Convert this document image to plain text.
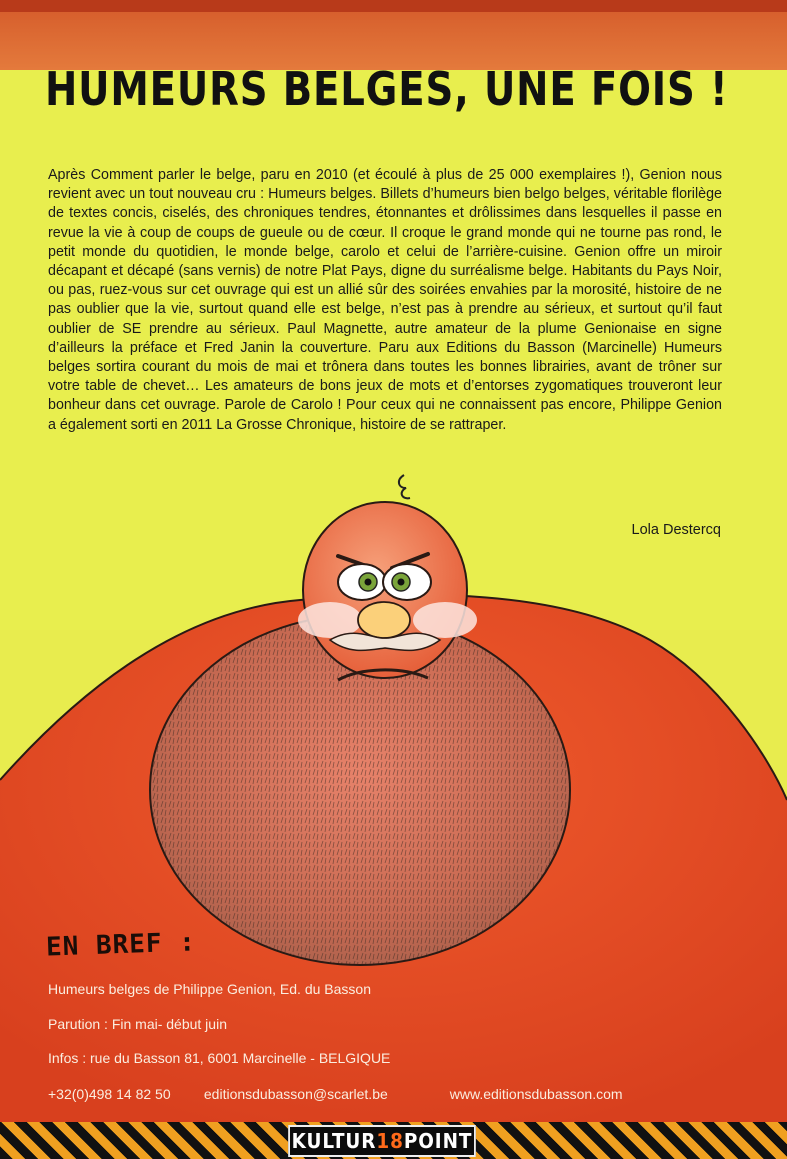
HUMEURS BELGES, UNE FOIS !
Après Comment parler le belge, paru en 2010 (et écoulé à plus de 25 000 exemplaires !), Genion nous revient avec un tout nouveau cru : Humeurs belges. Billets d’humeurs bien belgo belges, véritable florilège de textes concis, ciselés, des chroniques tendres, étonnantes et drôlissimes dans lesquelles il passe en revue la vie à coup de coups de gueule ou de cœur. Il croque le grand monde qui ne tourne pas rond, le petit monde du quotidien, le monde belge, carolo et celui de l’arrière-cuisine. Genion offre un miroir décapant et décapé (sans vernis) de notre Plat Pays, digne du surréalisme belge. Habitants du Pays Noir, ou pas, ruez-vous sur cet ouvrage qui est un allié sûr des soirées envahies par la morosité, histoire de ne pas oublier que la vie, surtout quand elle est belge, n’est pas à prendre au sérieux, et surtout qu’il faut oublier de SE prendre au sérieux. Paul Magnette, autre amateur de la plume Genionaise en signe d’ailleurs la préface et Fred Janin la couverture. Paru aux Editions du Basson (Marcinelle) Humeurs belges sortira courant du mois de mai et trônera dans toutes les bonnes librairies, avant de trôner sur votre table de chevet… Les amateurs de bons jeux de mots et d’entorses zygomatiques trouveront leur bonheur dans cet ouvrage. Parole de Carolo ! Pour ceux qui ne connaissent pas encore, Philippe Genion a également sorti en 2011 La Grosse Chronique, histoire de se rattraper.
Lola Destercq
EN BREF :
Humeurs belges de Philippe Genion, Ed. du Basson
Parution : Fin mai- début juin
Infos : rue du Basson 81, 6001 Marcinelle - BELGIQUE
+32(0)498 14 82 50 editionsdubasson@scarlet.be	www.editionsdubasson.com
KULTUR18POINT
